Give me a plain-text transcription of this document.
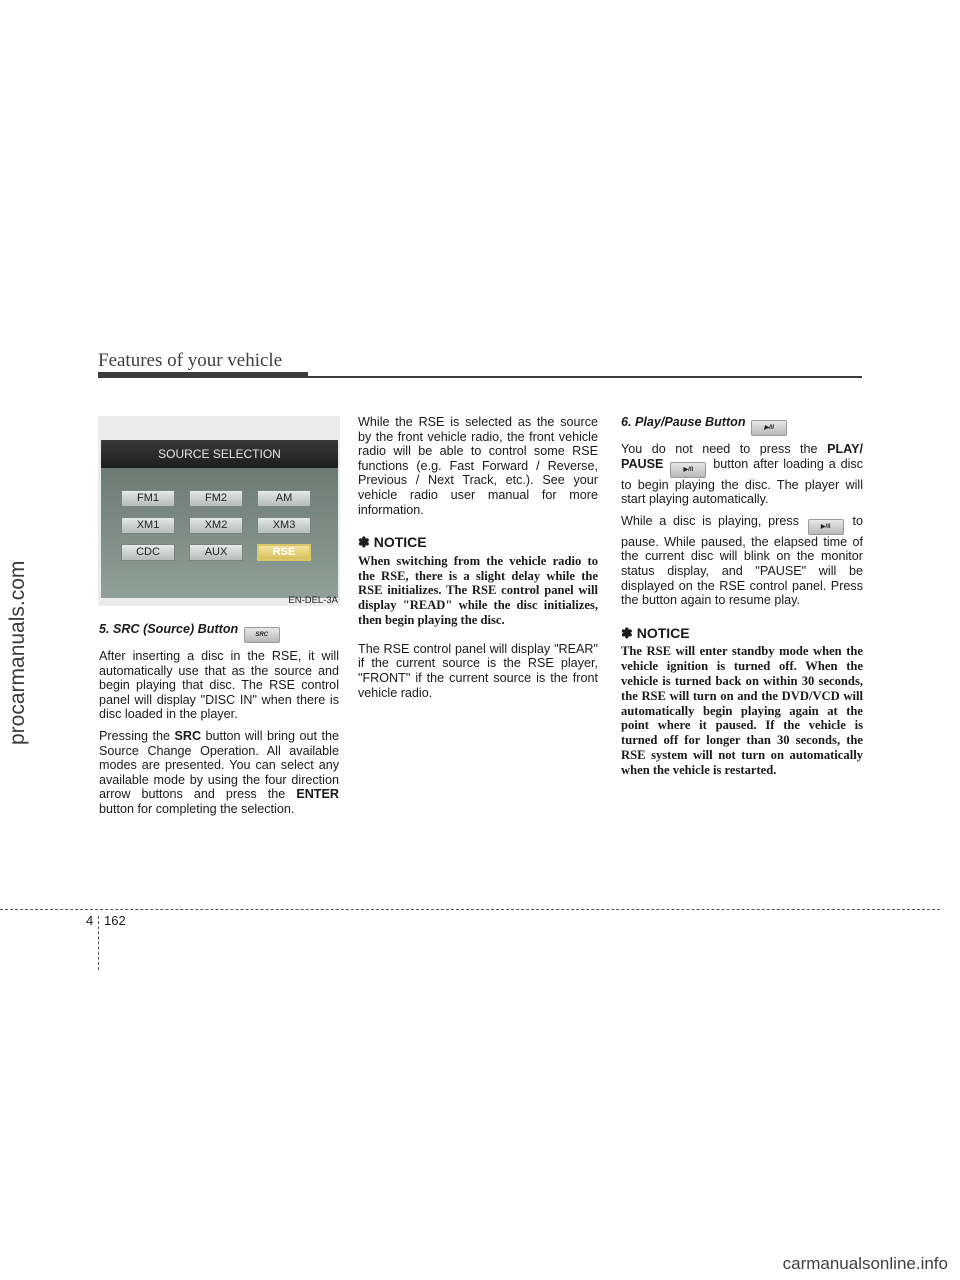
procarmanuals.com
Features of your vehicle
SOURCE SELECTION
FM1	FM2	AM
XM1	XM2	XM3
CDC	AUX	RSE
EN-DEL-3A

5. SRC (Source) Button	SRC

After inserting a disc in the RSE, it will automatically use that as the source and begin playing that disc. The RSE control panel will display "DISC IN" when there is disc loaded in the player.

Pressing the SRC button will bring out the Source Change Operation. All available modes are presented. You can select any available mode by using the four direction arrow buttons and press the ENTER button for completing the selection.

While the RSE is selected as the source by the front vehicle radio, the front vehicle radio will be able to control some RSE functions (e.g. Fast Forward / Reverse, Previous / Next Track, etc.). See your vehicle radio user manual for more information.

✽ NOTICE

When switching from the vehicle radio to the RSE, there is a slight delay while the RSE initializes. The RSE control panel will display "READ" while the disc initializes, then begin playing the disc.

The RSE control panel will display "REAR" if the current source is the RSE player, "FRONT" if the current source is the front vehicle radio.

6. Play/Pause Button	▶/II

You do not need to press the PLAY/ PAUSE	▶/II button after loading a disc to begin playing the disc. The player will start playing automatically.

While a disc is playing, press	▶/II to pause. While paused, the elapsed time of the current disc will blink on the monitor status display, and "PAUSE" will be displayed on the RSE control panel. Press the button again to resume play.

✽ NOTICE

The RSE will enter standby mode when the vehicle ignition is turned off. When the vehicle is turned back on within 30 seconds, the RSE will turn on and the DVD/VCD will automatically begin playing again at the point where it paused. If the vehicle is turned off for longer than 30 seconds, the RSE system will not turn on automatically when the vehicle is restarted.

4 162
carmanualsonline.info
